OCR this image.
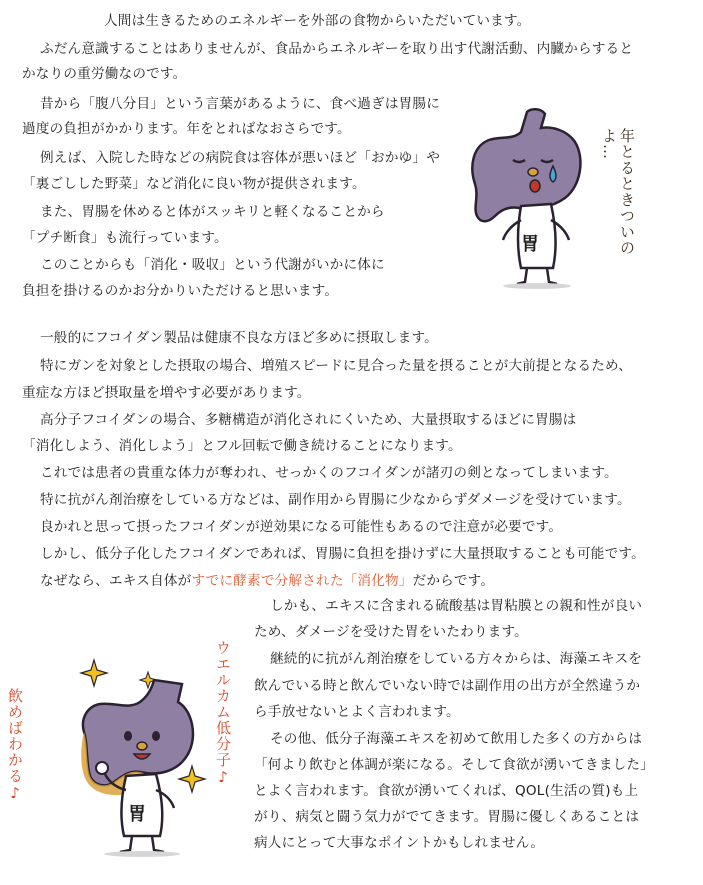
人間は生きるためのエネルギーを外部の食物からいただいています。
ふだん意識することはありませんが、食品からエネルギーを取り出す代謝活動、内臓からすると
かなりの重労働なのです。
昔から「腹八分目」という言葉があるように、食べ過ぎは胃腸に
過度の負担がかかります。年をとればなおさらです。
例えば、入院した時などの病院食は容体が悪いほど「おかゆ」や
「裏ごしした野菜」など消化に良い物が提供されます。
また、胃腸を休めると体がスッキリと軽くなることから
「プチ断食」も流行っています。
このことからも「消化・吸収」という代謝がいかに体に
負担を掛けるのかお分かりいただけると思います。
胃	年とるときついのよ…
一般的にフコイダン製品は健康不良な方ほど多めに摂取します。
特にガンを対象とした摂取の場合、増殖スピードに見合った量を摂ることが大前提となるため、
重症な方ほど摂取量を増やす必要があります。
高分子フコイダンの場合、多糖構造が消化されにくいため、大量摂取するほどに胃腸は
「消化しよう、消化しよう」とフル回転で働き続けることになります。
これでは患者の貴重な体力が奪われ、せっかくのフコイダンが諸刃の剣となってしまいます。
特に抗がん剤治療をしている方などは、副作用から胃腸に少なからずダメージを受けています。
良かれと思って摂ったフコイダンが逆効果になる可能性もあるので注意が必要です。
しかし、低分子化したフコイダンであれば、胃腸に負担を掛けずに大量摂取することも可能です。
なぜなら、エキス自体がすでに酵素で分解された「消化物」だからです。
しかも、エキスに含まれる硫酸基は胃粘膜との親和性が良い
ため、ダメージを受けた胃をいたわります。
継続的に抗がん剤治療をしている方々からは、海藻エキスを
飲んでいる時と飲んでいない時では副作用の出方が全然違うか
ら手放せないとよく言われます。
その他、低分子海藻エキスを初めて飲用した多くの方からは
「何より飲むと体調が楽になる。そして食欲が湧いてきました」
とよく言われます。食欲が湧いてくれば、QOL(生活の質)も上
がり、病気と闘う気力がでてきます。胃腸に優しくあることは
病人にとって大事なポイントかもしれません。
飲めばわかる♪	ウエルカム低分子♪
胃
